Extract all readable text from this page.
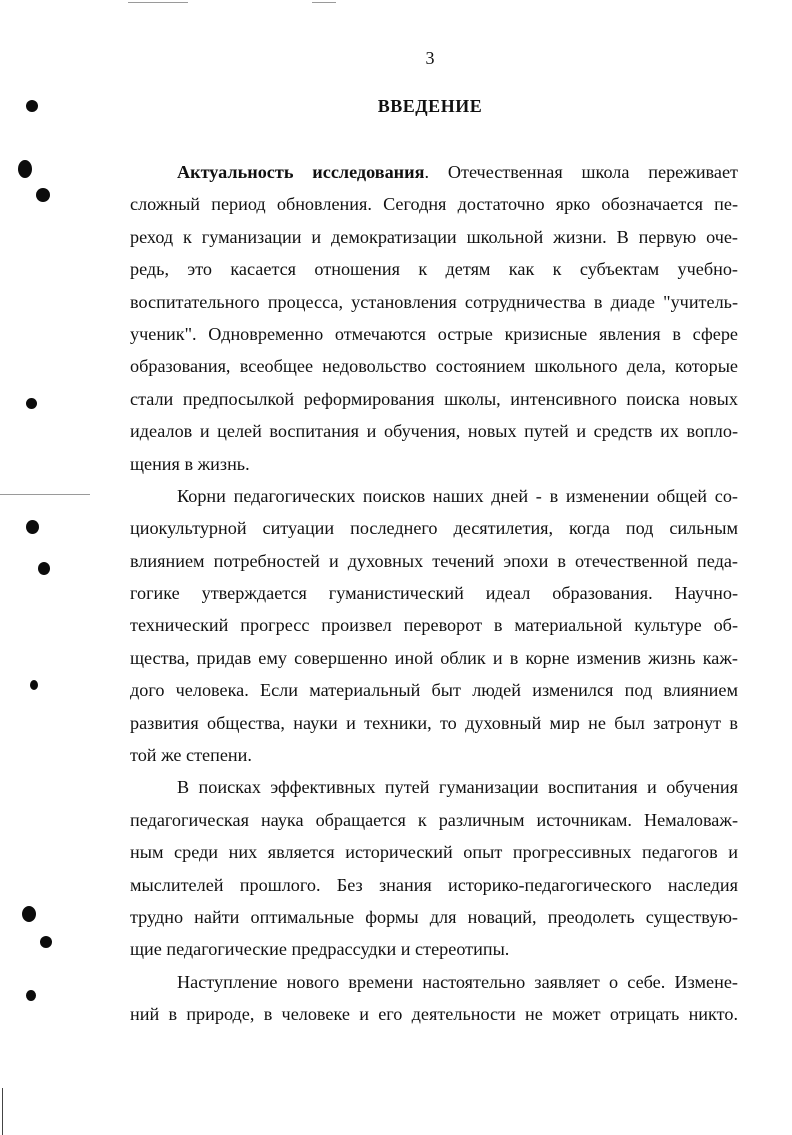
3
ВВЕДЕНИЕ
Актуальность исследования. Отечественная школа переживает
сложный период обновления. Сегодня достаточно ярко обозначается пе-
реход к гуманизации и демократизации школьной жизни. В первую оче-
редь, это касается отношения к детям как к субъектам учебно-
воспитательного процесса, установления сотрудничества в диаде "учитель-
ученик". Одновременно отмечаются острые кризисные явления в сфере
образования, всеобщее недовольство состоянием школьного дела, которые
стали предпосылкой реформирования школы, интенсивного поиска новых
идеалов и целей воспитания и обучения, новых путей и средств их вопло-
щения в жизнь.
Корни педагогических поисков наших дней - в изменении общей со-
циокультурной ситуации последнего десятилетия, когда под сильным
влиянием потребностей и духовных течений эпохи в отечественной педа-
гогике утверждается гуманистический идеал образования. Научно-
технический прогресс произвел переворот в материальной культуре об-
щества, придав ему совершенно иной облик и в корне изменив жизнь каж-
дого человека. Если материальный быт людей изменился под влиянием
развития общества, науки и техники, то духовный мир не был затронут в
той же степени.
В поисках эффективных путей гуманизации воспитания и обучения
педагогическая наука обращается к различным источникам. Немаловаж-
ным среди них является исторический опыт прогрессивных педагогов и
мыслителей прошлого. Без знания историко-педагогического наследия
трудно найти оптимальные формы для новаций, преодолеть существую-
щие педагогические предрассудки и стереотипы.
Наступление нового времени настоятельно заявляет о себе. Измене-
ний в природе, в человеке и его деятельности не может отрицать никто.
